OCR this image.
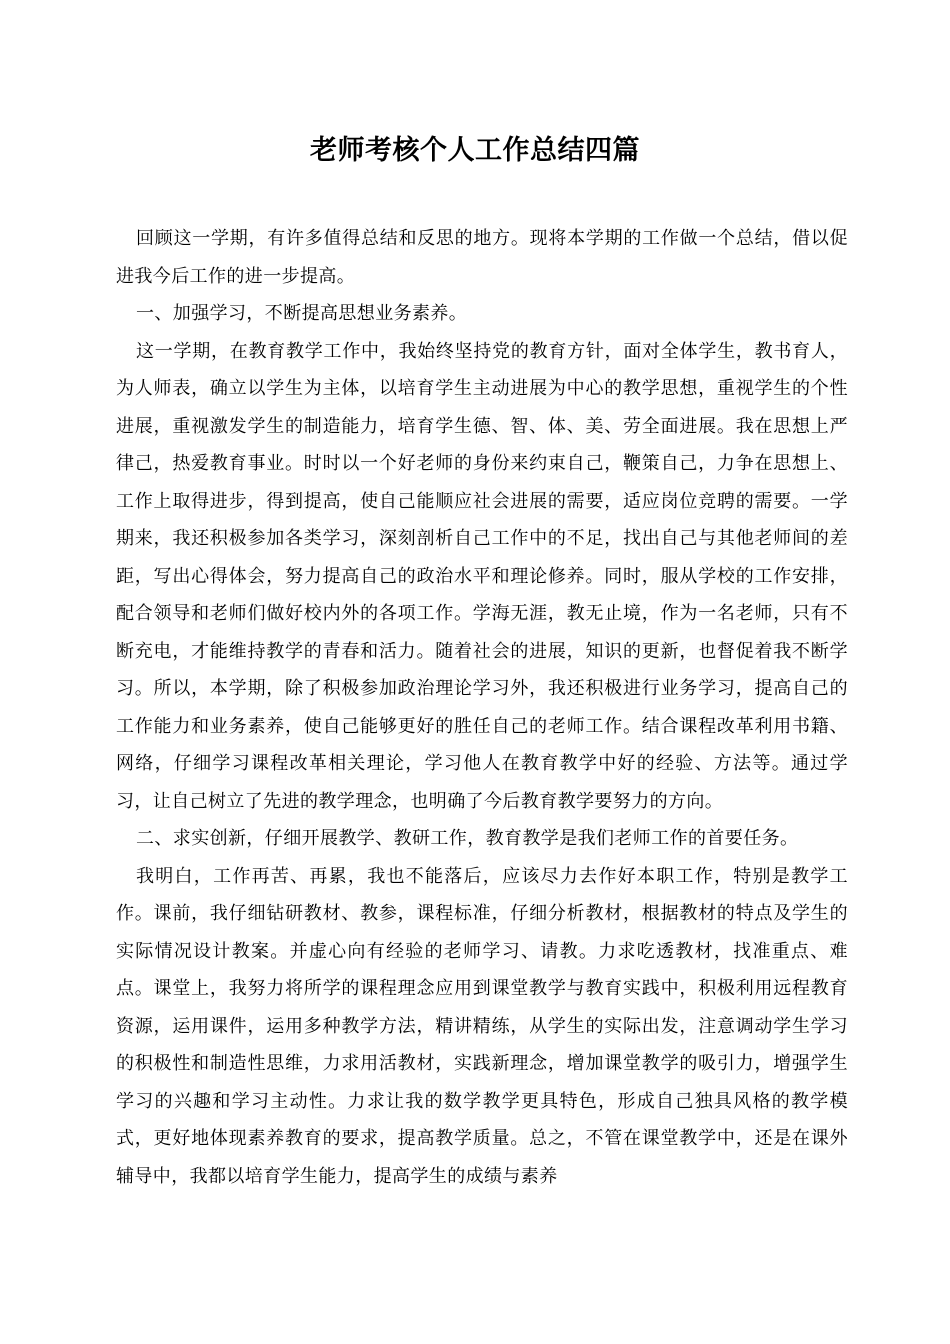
老师考核个人工作总结四篇

回顾这一学期，有许多值得总结和反思的地方。现将本学期的工作做一个总结，借以促进我今后工作的进一步提高。

一、加强学习，不断提高思想业务素养。

这一学期，在教育教学工作中，我始终坚持党的教育方针，面对全体学生，教书育人，为人师表，确立以学生为主体，以培育学生主动进展为中心的教学思想，重视学生的个性进展，重视激发学生的制造能力，培育学生德、智、体、美、劳全面进展。我在思想上严律己，热爱教育事业。时时以一个好老师的身份来约束自己，鞭策自己，力争在思想上、工作上取得进步，得到提高，使自己能顺应社会进展的需要，适应岗位竞聘的需要。一学期来，我还积极参加各类学习，深刻剖析自己工作中的不足，找出自己与其他老师间的差距，写出心得体会，努力提高自己的政治水平和理论修养。同时，服从学校的工作安排，配合领导和老师们做好校内外的各项工作。学海无涯，教无止境，作为一名老师，只有不断充电，才能维持教学的青春和活力。随着社会的进展，知识的更新，也督促着我不断学习。所以，本学期，除了积极参加政治理论学习外，我还积极进行业务学习，提高自己的工作能力和业务素养，使自己能够更好的胜任自己的老师工作。结合课程改革利用书籍、网络，仔细学习课程改革相关理论，学习他人在教育教学中好的经验、方法等。通过学习，让自己树立了先进的教学理念，也明确了今后教育教学要努力的方向。

二、求实创新，仔细开展教学、教研工作，教育教学是我们老师工作的首要任务。

我明白，工作再苦、再累，我也不能落后，应该尽力去作好本职工作，特别是教学工作。课前，我仔细钻研教材、教参，课程标准，仔细分析教材，根据教材的特点及学生的实际情况设计教案。并虚心向有经验的老师学习、请教。力求吃透教材，找准重点、难点。课堂上，我努力将所学的课程理念应用到课堂教学与教育实践中，积极利用远程教育资源，运用课件，运用多种教学方法，精讲精练，从学生的实际出发，注意调动学生学习的积极性和制造性思维，力求用活教材，实践新理念，增加课堂教学的吸引力，增强学生学习的兴趣和学习主动性。力求让我的数学教学更具特色，形成自己独具风格的教学模式，更好地体现素养教育的要求，提高教学质量。总之，不管在课堂教学中，还是在课外辅导中，我都以培育学生能力，提高学生的成绩与素养
